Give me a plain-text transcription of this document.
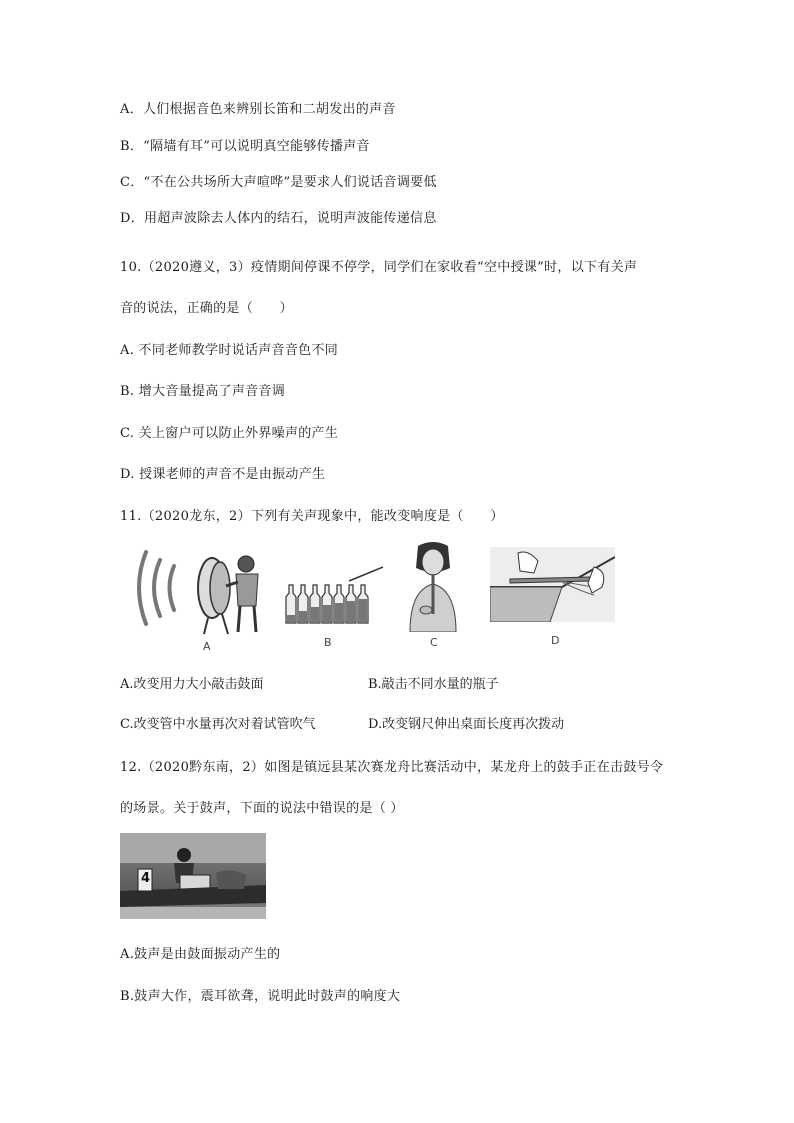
A．人们根据音色来辨别长笛和二胡发出的声音
B．“隔墙有耳”可以说明真空能够传播声音
C．“不在公共场所大声喧哗”是要求人们说话音调要低
D．用超声波除去人体内的结石，说明声波能传递信息
10.（2020遵义，3）疫情期间停课不停学，同学们在家收看“空中授课”时，以下有关声
音的说法，正确的是（　　）
A. 不同老师教学时说话声音音色不同
B. 增大音量提高了声音音调
C. 关上窗户可以防止外界噪声的产生
D. 授课老师的声音不是由振动产生
11.（2020龙东，2）下列有关声现象中，能改变响度是（　　）
A	B	C	D
A.改变用力大小敲击鼓面	B.敲击不同水量的瓶子
C.改变管中水量再次对着试管吹气	D.改变钢尺伸出桌面长度再次拨动
12.（2020黔东南，2）如图是镇远县某次赛龙舟比赛活动中，某龙舟上的鼓手正在击鼓号令
的场景。关于鼓声，下面的说法中错误的是（ ）
4
A.鼓声是由鼓面振动产生的
B.鼓声大作，震耳欲聋，说明此时鼓声的响度大
